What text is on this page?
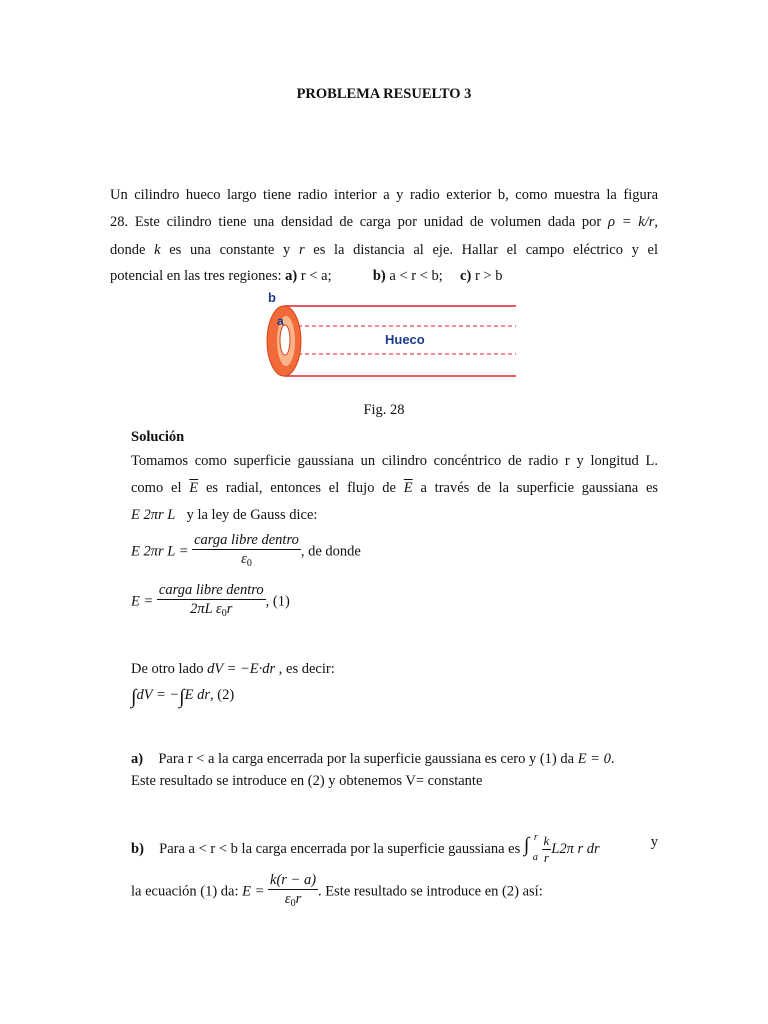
PROBLEMA RESUELTO 3
Un cilindro hueco largo tiene radio interior a y radio exterior b, como muestra la figura
28. Este cilindro tiene una densidad de carga por unidad de volumen dada por ρ = k/r,
donde k es una constante y r es la distancia al eje. Hallar el campo eléctrico y el
potencial en las tres regiones: a) r < a;	b) a < r < b; c) r > b
b
a
Hueco
Fig. 28
Solución
Tomamos como superficie gaussiana un cilindro concéntrico de radio r y longitud L.
como el $\overline{E}$ es radial, entonces el flujo de $\overline{E}$ a través de la superficie gaussiana es
E 2πr L y la ley de Gauss dice:
E 2πr $L = \frac{\text{carga libre dentro}}{\varepsilon_0}$ , de donde
$E = \frac{\text{carga libre dentro}}{2\pi L \varepsilon_0r}$ , (1)
De otro lado dV = −E·dr , es decir:
∫dV = −∫E dr, (2)
a) Para r < a la carga encerrada por la superficie gaussiana es cero y (1) da E = 0.
Este resultado se introduce en (2) y obtenemos V= constante
b) Para a < r < b la carga encerrada por la superficie gaussiana es ∫ r
a
$\frac{k}{r} L2\pi$ r dr	y
la ecuación (1) da: $E = \frac{k(r - a)}{\varepsilon_0r}$ . Este resultado se introduce en (2) así:
